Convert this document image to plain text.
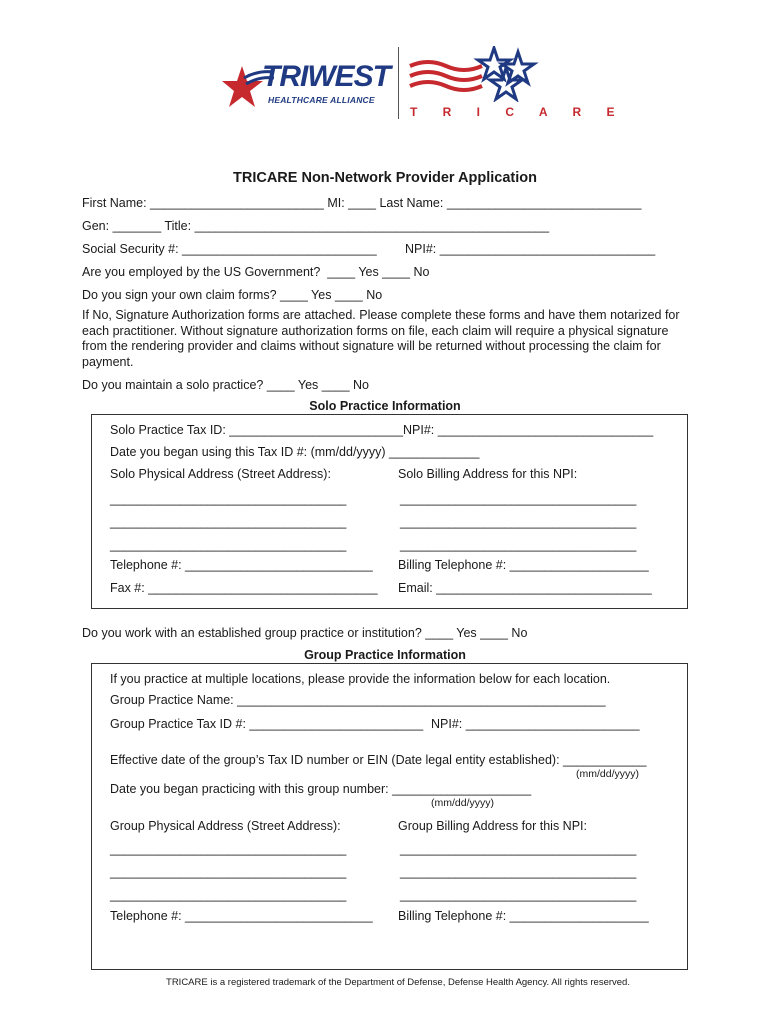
TRIWEST

HEALTHCARE ALLIANCE

T R I C A R E

TRICARE Non-Network Provider Application
First Name: _________________________ MI: ____ Last Name: ____________________________
Gen: _______ Title: ___________________________________________________
Social Security #: ____________________________ NPI#: _______________________________
Are you employed by the US Government?  ____ Yes ____ No
Do you sign your own claim forms? ____ Yes ____ No
If No, Signature Authorization forms are attached. Please complete these forms and have them notarized for each practitioner. Without signature authorization forms on file, each claim will require a physical signature from the rendering provider and claims without signature will be returned without processing the claim for payment.
Do you maintain a solo practice? ____ Yes ____ No
Solo Practice Information
Solo Practice Tax ID: _________________________ NPI#: _______________________________
Date you began using this Tax ID #: (mm/dd/yyyy) _____________
Solo Physical Address (Street Address):	Solo Billing Address for this NPI:
__________________________________	__________________________________
__________________________________	__________________________________
__________________________________	__________________________________
Telephone #: ___________________________ Billing Telephone #: ____________________
Fax #: _________________________________ Email: _______________________________
Do you work with an established group practice or institution? ____ Yes ____ No
Group Practice Information
If you practice at multiple locations, please provide the information below for each location.
Group Practice Name: _____________________________________________________
Group Practice Tax ID #: _________________________ NPI#: _________________________
Effective date of the group’s Tax ID number or EIN (Date legal entity established): ____________
(mm/dd/yyyy)
Date you began practicing with this group number: ____________________
(mm/dd/yyyy)
Group Physical Address (Street Address):	Group Billing Address for this NPI:
__________________________________	__________________________________
__________________________________	__________________________________
__________________________________	__________________________________
Telephone #: ___________________________ Billing Telephone #: ____________________
TRICARE is a registered trademark of the Department of Defense, Defense Health Agency. All rights reserved.
